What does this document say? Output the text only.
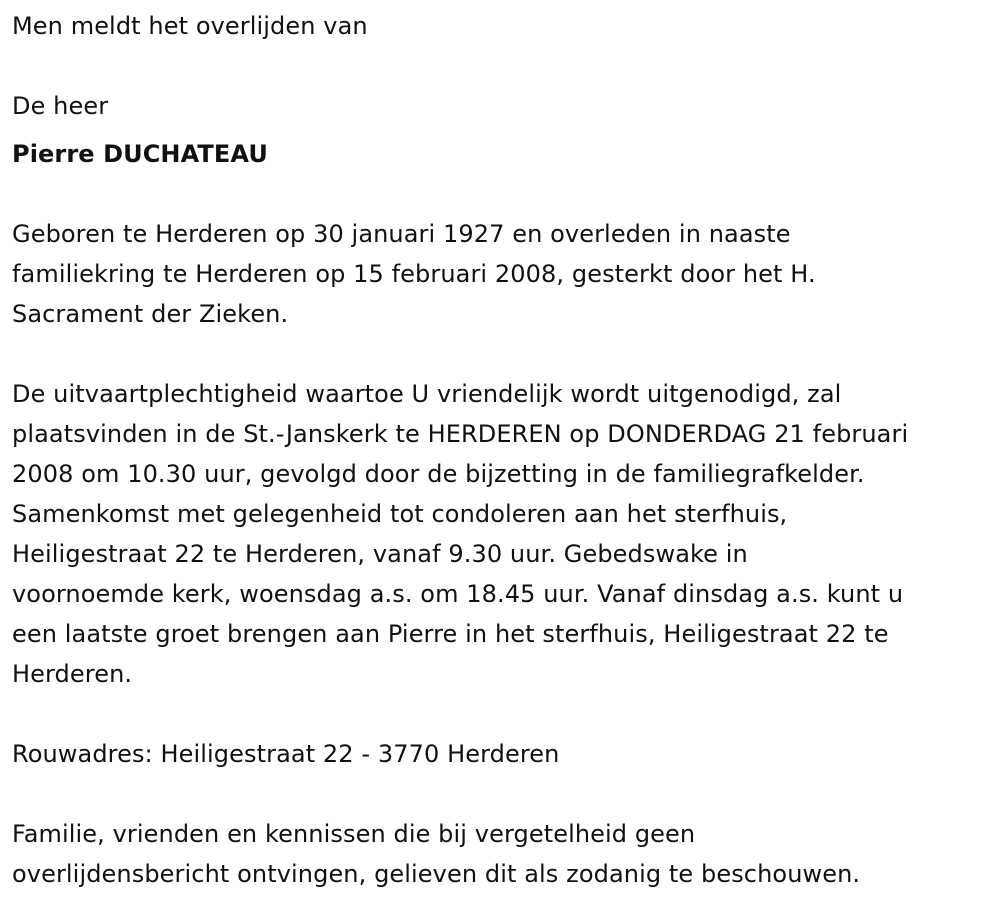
Men meldt het overlijden van
De heer
Pierre DUCHATEAU
Geboren te Herderen op 30 januari 1927 en overleden in naaste
familiekring te Herderen op 15 februari 2008, gesterkt door het H.
Sacrament der Zieken.
De uitvaartplechtigheid waartoe U vriendelijk wordt uitgenodigd, zal
plaatsvinden in de St.-Janskerk te HERDEREN op DONDERDAG 21 februari
2008 om 10.30 uur, gevolgd door de bijzetting in de familiegrafkelder.
Samenkomst met gelegenheid tot condoleren aan het sterfhuis,
Heiligestraat 22 te Herderen, vanaf 9.30 uur. Gebedswake in
voornoemde kerk, woensdag a.s. om 18.45 uur. Vanaf dinsdag a.s. kunt u
een laatste groet brengen aan Pierre in het sterfhuis, Heiligestraat 22 te
Herderen.
Rouwadres: Heiligestraat 22 - 3770 Herderen
Familie, vrienden en kennissen die bij vergetelheid geen
overlijdensbericht ontvingen, gelieven dit als zodanig te beschouwen.
